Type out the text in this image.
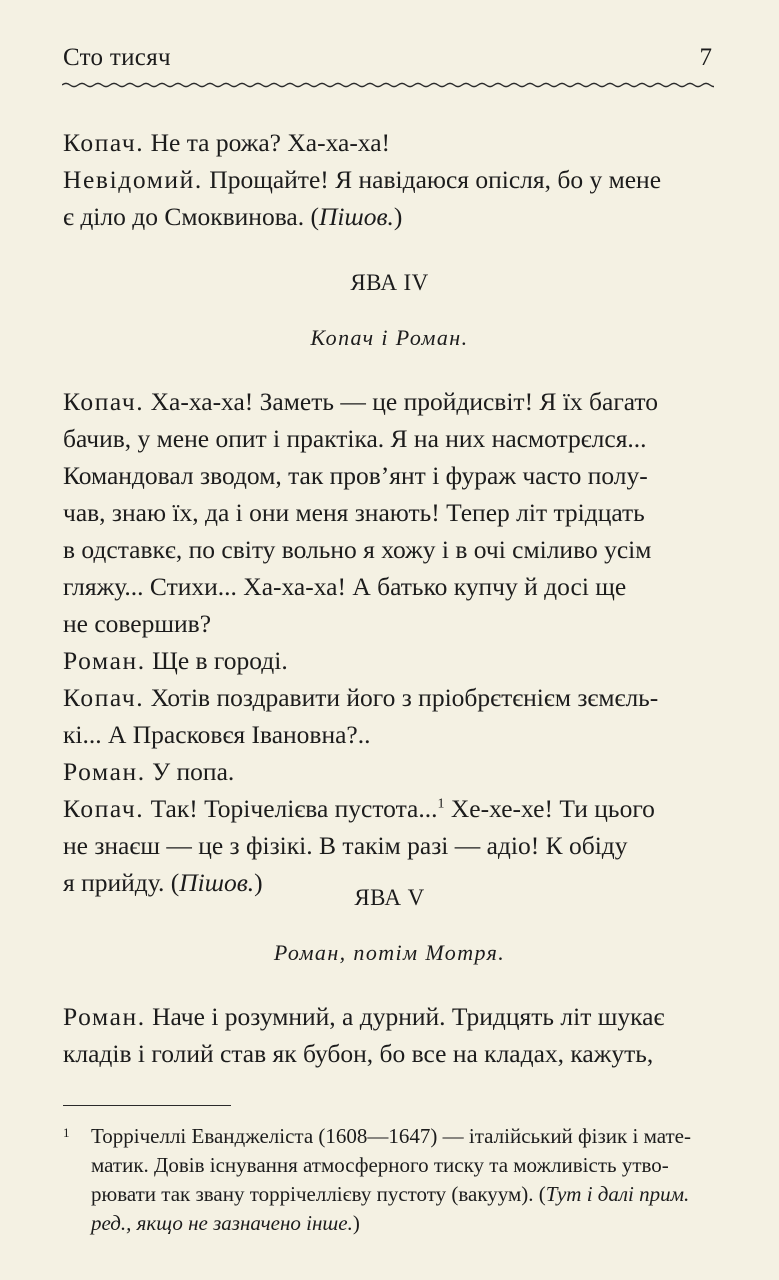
Сто тисяч	7

Копач. Не та рожа? Ха-ха-ха!

Невідомий. Прощайте! Я навідаюся опісля, бо у мене
є діло до Смоквинова. (Пішов.)

ЯВА IV
Копач і Роман.

Копач. Ха-ха-ха! Заметь — це пройдисвіт! Я їх багато
бачив, у мене опит і практіка. Я на них насмотрєлся...
Командовал зводом, так пров’янт і фураж часто полу-
чав, знаю їх, да і они меня знають! Тепер літ трідцать
в одставкє, по світу вольно я хожу і в очі сміливо усім
гляжу... Стихи... Ха-ха-ха! А батько купчу й досі ще
не совершив?

Роман. Ще в городі.

Копач. Хотів поздравити його з пріобрєтєнієм зємєль-
кі... А Прасковєя Івановна?..

Роман. У попа.

Копач. Так! Торічелієва пустота...$^1$ Хе-хе-хе! Ти цього
не знаєш — це з фізікі. В такім разі — адіо! К обіду
я прийду. (Пішов.)

ЯВА V
Роман, потім Мотря.

Роман. Наче і розумний, а дурний. Тридцять літ шукає
кладів і голий став як бубон, бо все на кладах, кажуть,

1 Торрічеллі Еванджеліста (1608—1647) — італійський фізик і мате-
матик. Довів існування атмосферного тиску та можливість утво-
рювати так звану торрічеллієву пустоту (вакуум). (Тут і далі прим.
ред., якщо не зазначено інше.)
